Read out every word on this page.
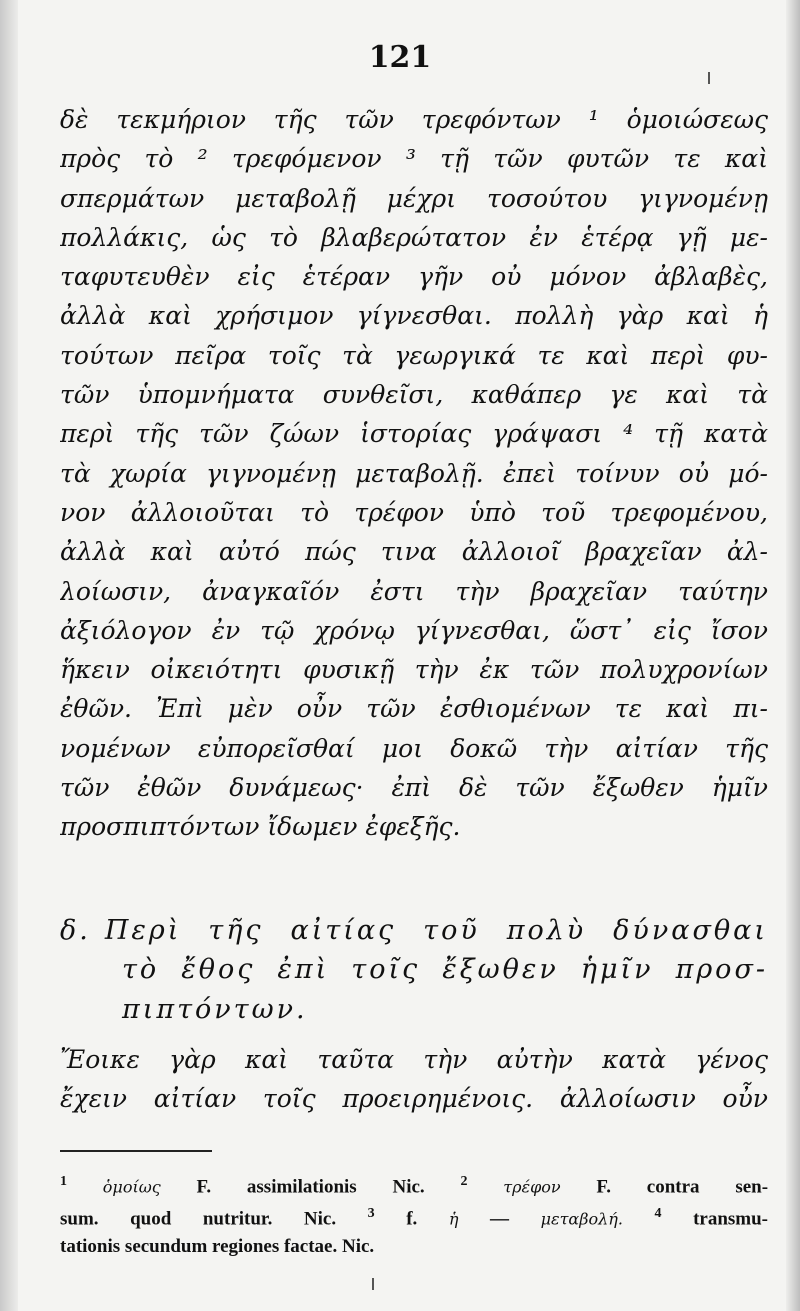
121
δὲ τεκμήριον τῆς τῶν τρεφόντων ¹ ὁμοιώσεως
πρὸς τὸ ² τρεφόμενον ³ τῇ τῶν φυτῶν τε καὶ
σπερμάτων μεταβολῇ μέχρι τοσούτου γιγνομένῃ
πολλάκις, ὡς τὸ βλαβερώτατον ἐν ἑτέρᾳ γῇ με-
ταφυτευθὲν εἰς ἑτέραν γῆν οὐ μόνον ἀβλαβὲς,
ἀλλὰ καὶ χρήσιμον γίγνεσθαι. πολλὴ γὰρ καὶ ἡ
τούτων πεῖρα τοῖς τὰ γεωργικά τε καὶ περὶ φυ-
τῶν ὑπομνήματα συνθεῖσι, καθάπερ γε καὶ τὰ
περὶ τῆς τῶν ζώων ἱστορίας γράψασι ⁴ τῇ κατὰ
τὰ χωρία γιγνομένῃ μεταβολῇ. ἐπεὶ τοίνυν οὐ μό-
νον ἀλλοιοῦται τὸ τρέφον ὑπὸ τοῦ τρεφομένου,
ἀλλὰ καὶ αὐτό πώς τινα ἀλλοιοῖ βραχεῖαν ἀλ-
λοίωσιν, ἀναγκαῖόν ἐστι τὴν βραχεῖαν ταύτην
ἀξιόλογον ἐν τῷ χρόνῳ γίγνεσθαι, ὥστ᾽ εἰς ἴσον
ἥκειν οἰκειότητι φυσικῇ τὴν ἐκ τῶν πολυχρονίων
ἐθῶν. Ἐπὶ μὲν οὖν τῶν ἐσθιομένων τε καὶ πι-
νομένων εὐπορεῖσθαί μοι δοκῶ τὴν αἰτίαν τῆς
τῶν ἐθῶν δυνάμεως· ἐπὶ δὲ τῶν ἔξωθεν ἡμῖν
προσπιπτόντων ἴδωμεν ἐφεξῆς.
δ. Περὶ τῆς αἰτίας τοῦ πολὺ δύνασθαι
τὸ ἔθος ἐπὶ τοῖς ἔξωθεν ἡμῖν προσ-
πιπτόντων.
Ἔοικε γὰρ καὶ ταῦτα τὴν αὐτὴν κατὰ γένος
ἔχειν αἰτίαν τοῖς προειρημένοις. ἀλλοίωσιν οὖν
$^1$ ὁμοίως F. assimilationis Nic.	$^2$ τρέφον F. contra sen-
sum. quod nutritur. Nic. $^3$ f. ἡ — μεταβολή. $^4$ transmu-
tationis secundum regiones factae. Nic.
